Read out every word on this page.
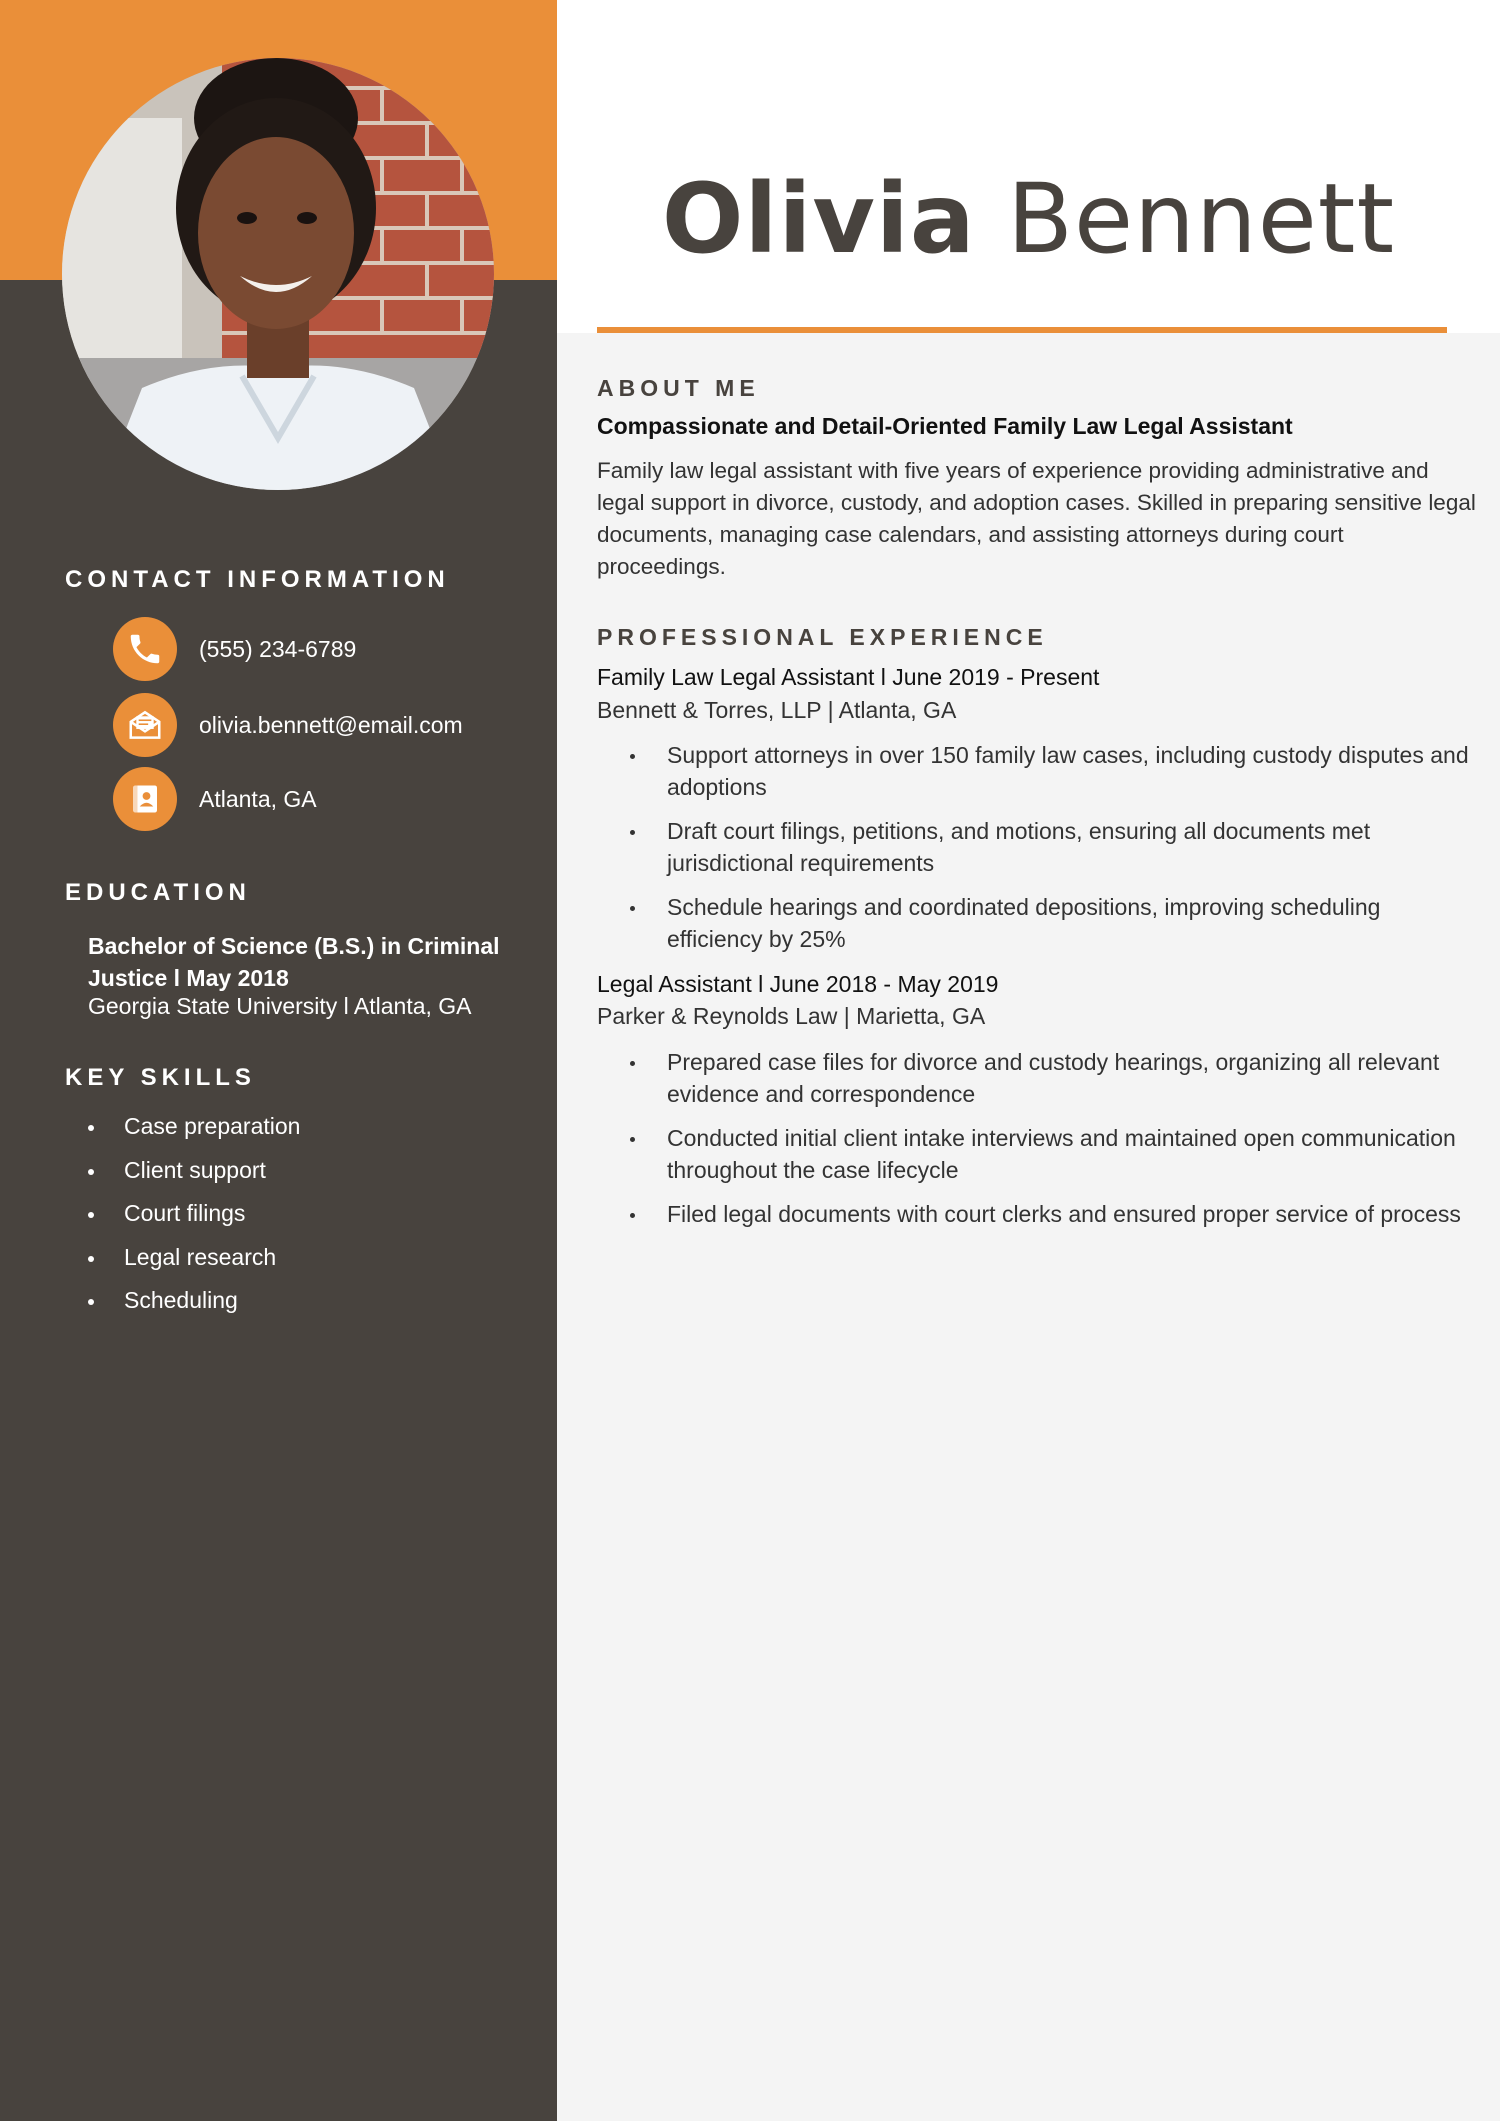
Olivia Bennett
CONTACT INFORMATION
(555) 234-6789
olivia.bennett@email.com
Atlanta, GA
EDUCATION
Bachelor of Science (B.S.) in Criminal Justice l May 2018
Georgia State University l Atlanta, GA
KEY SKILLS
Case preparation
Client support
Court filings
Legal research
Scheduling
ABOUT ME
Compassionate and Detail-Oriented Family Law Legal Assistant
Family law legal assistant with five years of experience providing administrative and legal support in divorce, custody, and adoption cases. Skilled in preparing sensitive legal documents, managing case calendars, and assisting attorneys during court proceedings.
PROFESSIONAL EXPERIENCE
Family Law Legal Assistant l June 2019 - Present
Bennett & Torres, LLP | Atlanta, GA
Support attorneys in over 150 family law cases, including custody disputes and adoptions
Draft court filings, petitions, and motions, ensuring all documents met jurisdictional requirements
Schedule hearings and coordinated depositions, improving scheduling efficiency by 25%
Legal Assistant l June 2018 - May 2019
Parker & Reynolds Law | Marietta, GA
Prepared case files for divorce and custody hearings, organizing all relevant evidence and correspondence
Conducted initial client intake interviews and maintained open communication throughout the case lifecycle
Filed legal documents with court clerks and ensured proper service of process
